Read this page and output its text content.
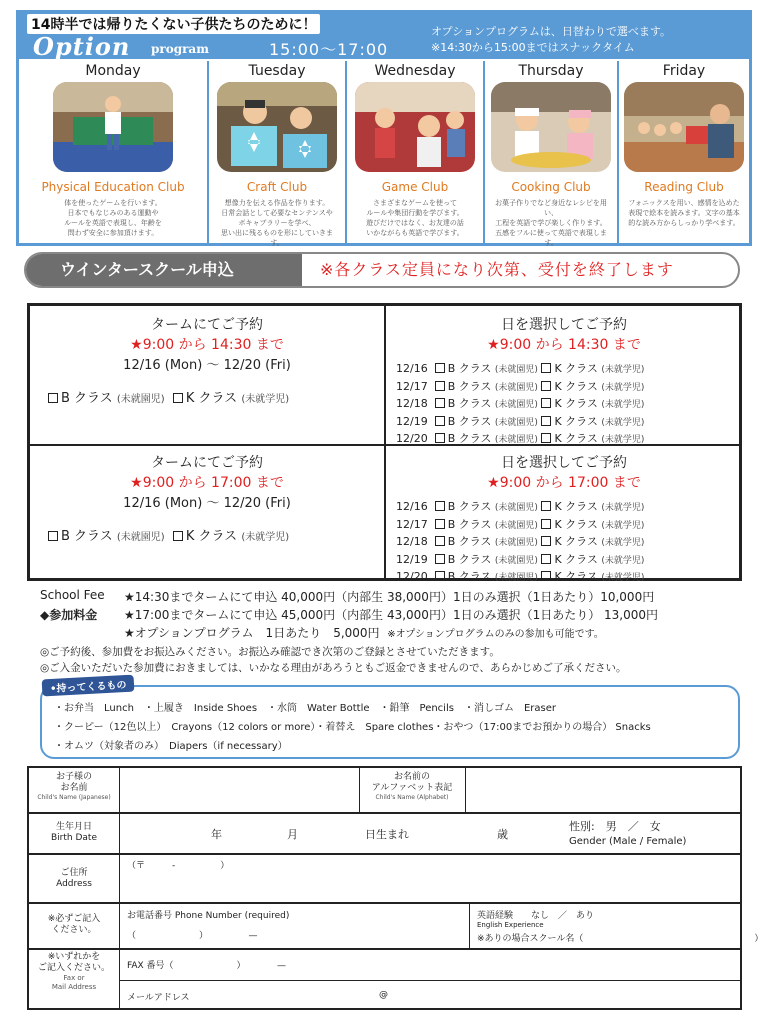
14時半では帰りたくない子供たちのために！
Option program	15:00～17:00
オプションプログラムは、日替わりで選べます。
※14:30から15:00まではスナックタイム
Monday
Physical Education Club
体を使ったゲームを行います。
日本でもなじみのある運動や
ルールを英語で表現し、年齢を
問わず安全に参加頂けます。
Tuesday
Craft Club
想像力を伝える作品を作ります。
日常会話として必要なセンテンスや
ボキャブラリーを学べ、
思い出に残るものを形にしていきます。
Wednesday
Game Club
さまざまなゲームを使って
ルールや集団行動を学びます。
遊びだけではなく、お友達の話
いかながらも英語で学びます。
Thursday
Cooking Club
お菓子作りでなど身近なレシピを用い、
工程を英語で学び楽しく作ります。
五感をフルに使って英語で表現します。
Friday
Reading Club
フォニックスを用い、感情を込めた
表現で絵本を読みます。文字の基本
的な読み方からしっかり学べます。
ウインタースクール申込	※各クラス定員になり次第、受付を終了します
タームにてご予約
★9:00 から 14:30 まで
12/16 (Mon) ～ 12/20 (Fri)
B クラス (未就園児) K クラス (未就学児)
日を選択してご予約
★9:00 から 14:30 まで
12/16 B クラス (未就園児) K クラス (未就学児)
12/17 B クラス (未就園児) K クラス (未就学児)
12/18 B クラス (未就園児) K クラス (未就学児)
12/19 B クラス (未就園児) K クラス (未就学児)
12/20 B クラス (未就園児) K クラス (未就学児)
タームにてご予約
★9:00 から 17:00 まで
12/16 (Mon) ～ 12/20 (Fri)
B クラス (未就園児) K クラス (未就学児)
日を選択してご予約
★9:00 から 17:00 まで
12/16 B クラス (未就園児) K クラス (未就学児)
12/17 B クラス (未就園児) K クラス (未就学児)
12/18 B クラス (未就園児) K クラス (未就学児)
12/19 B クラス (未就園児) K クラス (未就学児)
12/20 B クラス (未就園児) K クラス (未就学児)
School Fee ★14:30までタームにて申込 40,000円（内部生 38,000円）1日のみ選択（1日あたり）10,000円
◆参加料金 ★17:00までタームにて申込 45,000円（内部生 43,000円）1日のみ選択（1日あたり） 13,000円
★オプションプログラム　1日あたり　5,000円 ※オプションプログラムのみの参加も可能です。
◎ご予約後、参加費をお振込みください。お振込み確認でき次第のご登録とさせていただきます。
◎ご入金いただいた参加費におきましては、いかなる理由があろうともご返金できませんので、あらかじめご了承ください。
・お弁当　Lunch　・上履き　Inside Shoes　・水筒　Water Bottle　・鉛筆　Pencils　・消しゴム　Eraser
・クーピー（12色以上）　Crayons（12 colors or more）・着替え　Spare clothes・おやつ（17:00までお預かりの場合） Snacks
・オムツ（対象者のみ）　Diapers（if necessary）
•持ってくるもの
お子様の
お名前
Child's Name (Japanese)
お名前の
アルファベット表記
Child's Name (Alphabet)
生年月日
Birth Date	年	月	日生まれ	歳
性別:　男　／　女
Gender (Male / Female)
ご住所
Address
（〒　　　-　　　　　）
※必ずご記入
ください。
お電話番号 Phone Number (required)
（　　　　　　　）　　　　　—
英語経験　　なし　／　あり
English Experience
※ありの場合スクール名（　　　　　　　　　　　　　　　　　　　）
※いずれかを
ご記入ください。
Fax or
Mail Address
FAX 番号（　　　　　　　）　　　　—
メールアドレス	@
